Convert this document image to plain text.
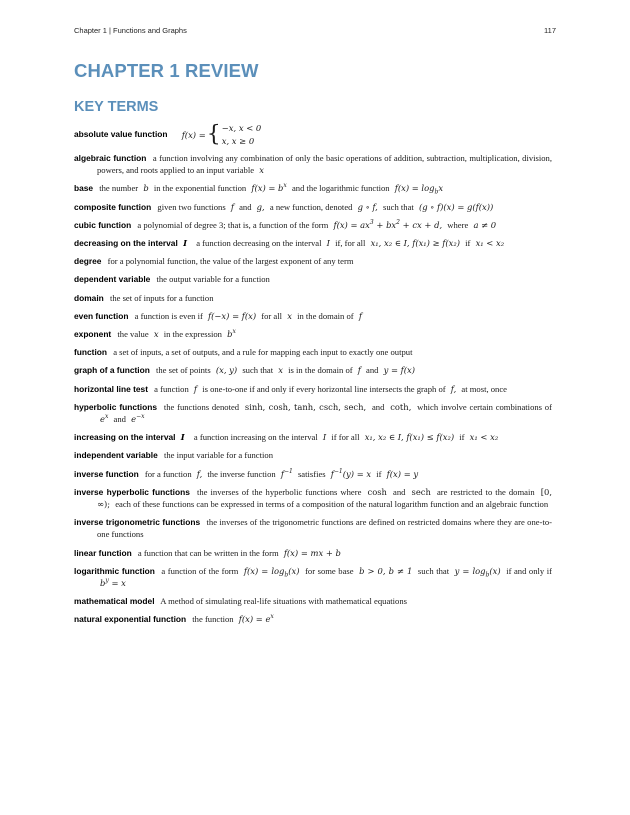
Chapter 1 | Functions and Graphs	117
CHAPTER 1 REVIEW
KEY TERMS
absolute value function f(x) ={−x, x < 0
x, x ≥ 0
algebraic function a function involving any combination of only the basic operations of addition, subtraction, multiplication, division, powers, and roots applied to an input variable x
base the number b in the exponential function $f(x) = b^x$ and the logarithmic function $f(x) = \log_bx$
composite function given two functions f and g, a new function, denoted g ∘ f, such that (g ∘ f)(x) = g(f(x))
cubic function a polynomial of degree 3; that is, a function of the form $f(x) = ax^3 + bx^2$ + cx + d, where a ≠ 0
decreasing on the interval I a function decreasing on the interval I if, for all x₁, x₂ ∈ I, f(x₁) ≥ f(x₂) if x₁ < x₂
degree for a polynomial function, the value of the largest exponent of any term
dependent variable the output variable for a function
domain the set of inputs for a function
even function a function is even if f(−x) = f(x) for all x in the domain of f
exponent the value x in the expression $b^x$
function a set of inputs, a set of outputs, and a rule for mapping each input to exactly one output
graph of a function the set of points (x, y) such that x is in the domain of f and y = f(x)
horizontal line test a function f is one-to-one if and only if every horizontal line intersects the graph of f, at most, once
hyperbolic functions the functions denoted sinh, cosh, tanh, csch, sech, and coth, which involve certain combinations of $e^x$ and $e^{-x}$
increasing on the interval I a function increasing on the interval I if for all x₁, x₂ ∈ I, f(x₁) ≤ f(x₂) if x₁ < x₂
independent variable the input variable for a function
inverse function for a function f, the inverse function $f^{-1}$ satisfies $f^{-1}(y) = x$ if f(x) = y
inverse hyperbolic functions the inverses of the hyperbolic functions where cosh and sech are restricted to the domain [0, ∞); each of these functions can be expressed in terms of a composition of the natural logarithm function and an algebraic function
inverse trigonometric functions the inverses of the trigonometric functions are defined on restricted domains where they are one-to-one functions
linear function a function that can be written in the form f(x) = mx + b
logarithmic function a function of the form $f(x) = \log_b(x)$ for some base b > 0, b ≠ 1 such that $y = \log_b(x)$ if and only if $b^y = x$
mathematical model A method of simulating real-life situations with mathematical equations
natural exponential function the function $f(x) = e^x$
